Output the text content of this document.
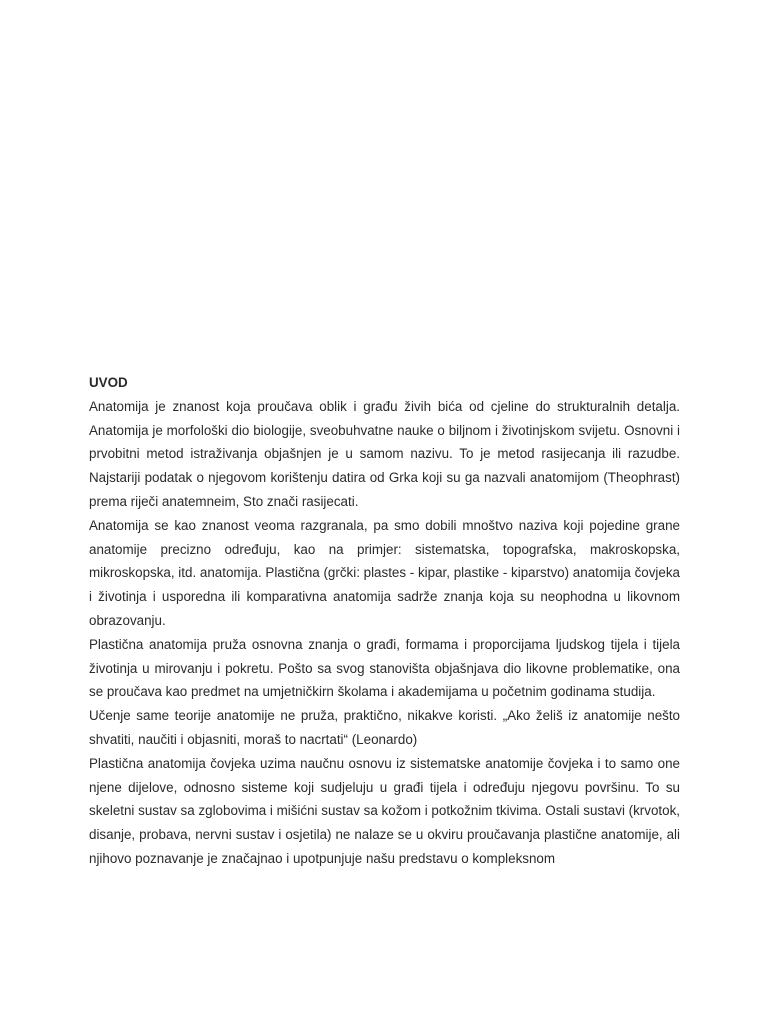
UVOD

Anatomija je znanost koja proučava oblik i građu živih bića od cjeline do strukturalnih detalja. Anatomija je morfološki dio biologije, sveobuhvatne nauke o biljnom i životinjskom svijetu. Osnovni i prvobitni metod istraživanja objašnjen je u samom nazivu. To je metod rasijecanja ili razudbe. Najstariji podatak o njegovom korištenju datira od Grka koji su ga nazvali anatomijom (Theophrast) prema riječi anatemneim, Sto znači rasijecati.

Anatomija se kao znanost veoma razgranala, pa smo dobili mnoštvo naziva koji pojedine grane anatomije precizno određuju, kao na primjer: sistematska, topografska, makroskopska, mikroskopska, itd. anatomija. Plastična (grčki: plastes - kipar, plastike - kiparstvo) anatomija čovjeka i životinja i usporedna ili komparativna anatomija sadrže znanja koja su neophodna u likovnom obrazovanju.

Plastična anatomija pruža osnovna znanja o građi, formama i proporcijama ljudskog tijela i tijela životinja u mirovanju i pokretu. Pošto sa svog stanovišta objašnjava dio likovne problematike, ona se proučava kao predmet na umjetničkirn školama i akademijama u početnim godinama studija.

Učenje same teorije anatomije ne pruža, praktično, nikakve koristi. „Ako želiš iz anatomije nešto shvatiti, naučiti i objasniti, moraš to nacrtati“ (Leonardo)

Plastična anatomija čovjeka uzima naučnu osnovu iz sistematske anatomije čovjeka i to samo one njene dijelove, odnosno sisteme koji sudjeluju u građi tijela i određuju njegovu površinu. To su skeletni sustav sa zglobovima i mišićni sustav sa kožom i potkožnim tkivima. Ostali sustavi (krvotok, disanje, probava, nervni sustav i osjetila) ne nalaze se u okviru proučavanja plastične anatomije, ali njihovo poznavanje je značajnao i upotpunjuje našu predstavu o kompleksnom
